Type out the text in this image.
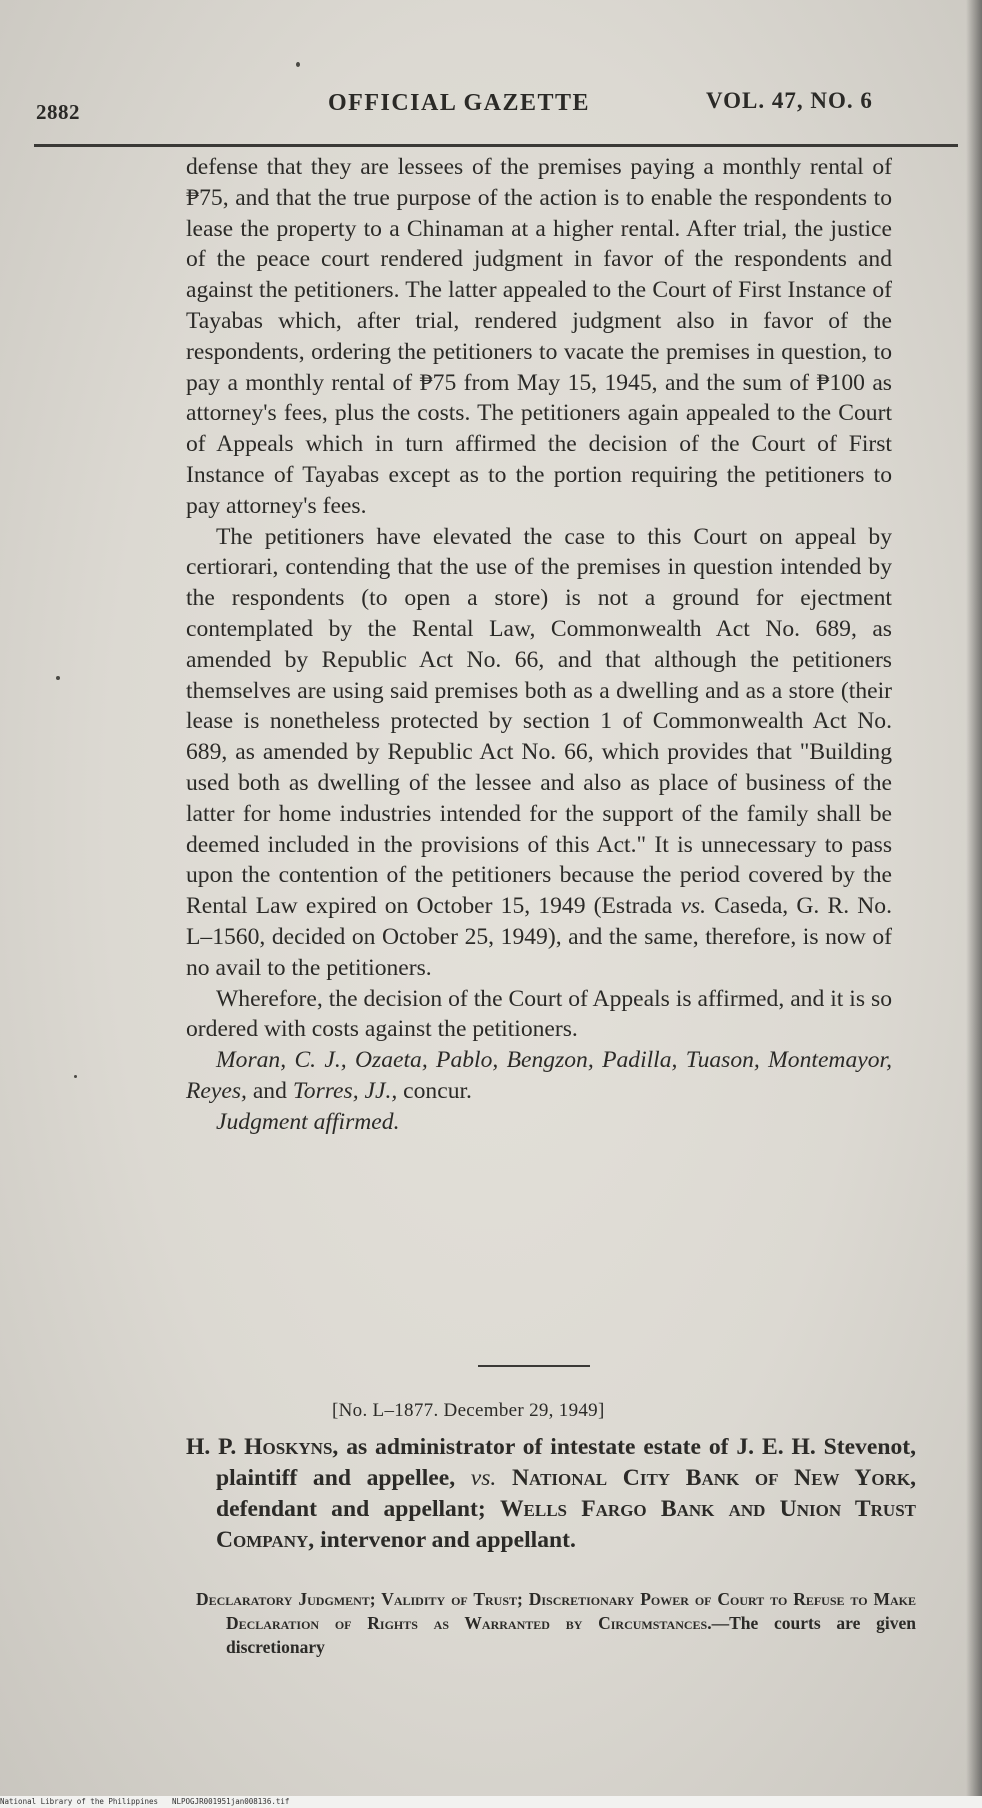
2882	OFFICIAL GAZETTE	VOL. 47, NO. 6

defense that they are lessees of the premises paying a monthly rental of ₱75, and that the true purpose of the action is to enable the respondents to lease the property to a Chinaman at a higher rental. After trial, the justice of the peace court rendered judgment in favor of the respondents and against the petitioners. The latter appealed to the Court of First Instance of Tayabas which, after trial, rendered judgment also in favor of the respondents, ordering the petitioners to vacate the premises in question, to pay a monthly rental of ₱75 from May 15, 1945, and the sum of ₱100 as attorney's fees, plus the costs. The petitioners again appealed to the Court of Appeals which in turn affirmed the decision of the Court of First Instance of Tayabas except as to the portion requiring the petitioners to pay attorney's fees.

The petitioners have elevated the case to this Court on appeal by certiorari, contending that the use of the premises in question intended by the respondents (to open a store) is not a ground for ejectment contemplated by the Rental Law, Commonwealth Act No. 689, as amended by Republic Act No. 66, and that although the petitioners themselves are using said premises both as a dwelling and as a store (their lease is nonetheless protected by section 1 of Commonwealth Act No. 689, as amended by Republic Act No. 66, which provides that "Building used both as dwelling of the lessee and also as place of business of the latter for home industries intended for the support of the family shall be deemed included in the provisions of this Act." It is unnecessary to pass upon the contention of the petitioners because the period covered by the Rental Law expired on October 15, 1949 (Estrada vs. Caseda, G. R. No. L–1560, decided on October 25, 1949), and the same, therefore, is now of no avail to the petitioners.

Wherefore, the decision of the Court of Appeals is affirmed, and it is so ordered with costs against the petitioners.

Moran, C. J., Ozaeta, Pablo, Bengzon, Padilla, Tuason, Montemayor, Reyes, and Torres, JJ., concur.

Judgment affirmed.

[No. L–1877. December 29, 1949]
H. P. Hoskyns, as administrator of intestate estate of J. E. H. Stevenot, plaintiff and appellee, vs. National City Bank of New York, defendant and appellant; Wells Fargo Bank and Union Trust Company, intervenor and appellant.
Declaratory Judgment; Validity of Trust; Discretionary Power of Court to Refuse to Make Declaration of Rights as Warranted by Circumstances.—The courts are given discretionary
National Library of the Philippines NLPOGJR001951jan008136.tif
